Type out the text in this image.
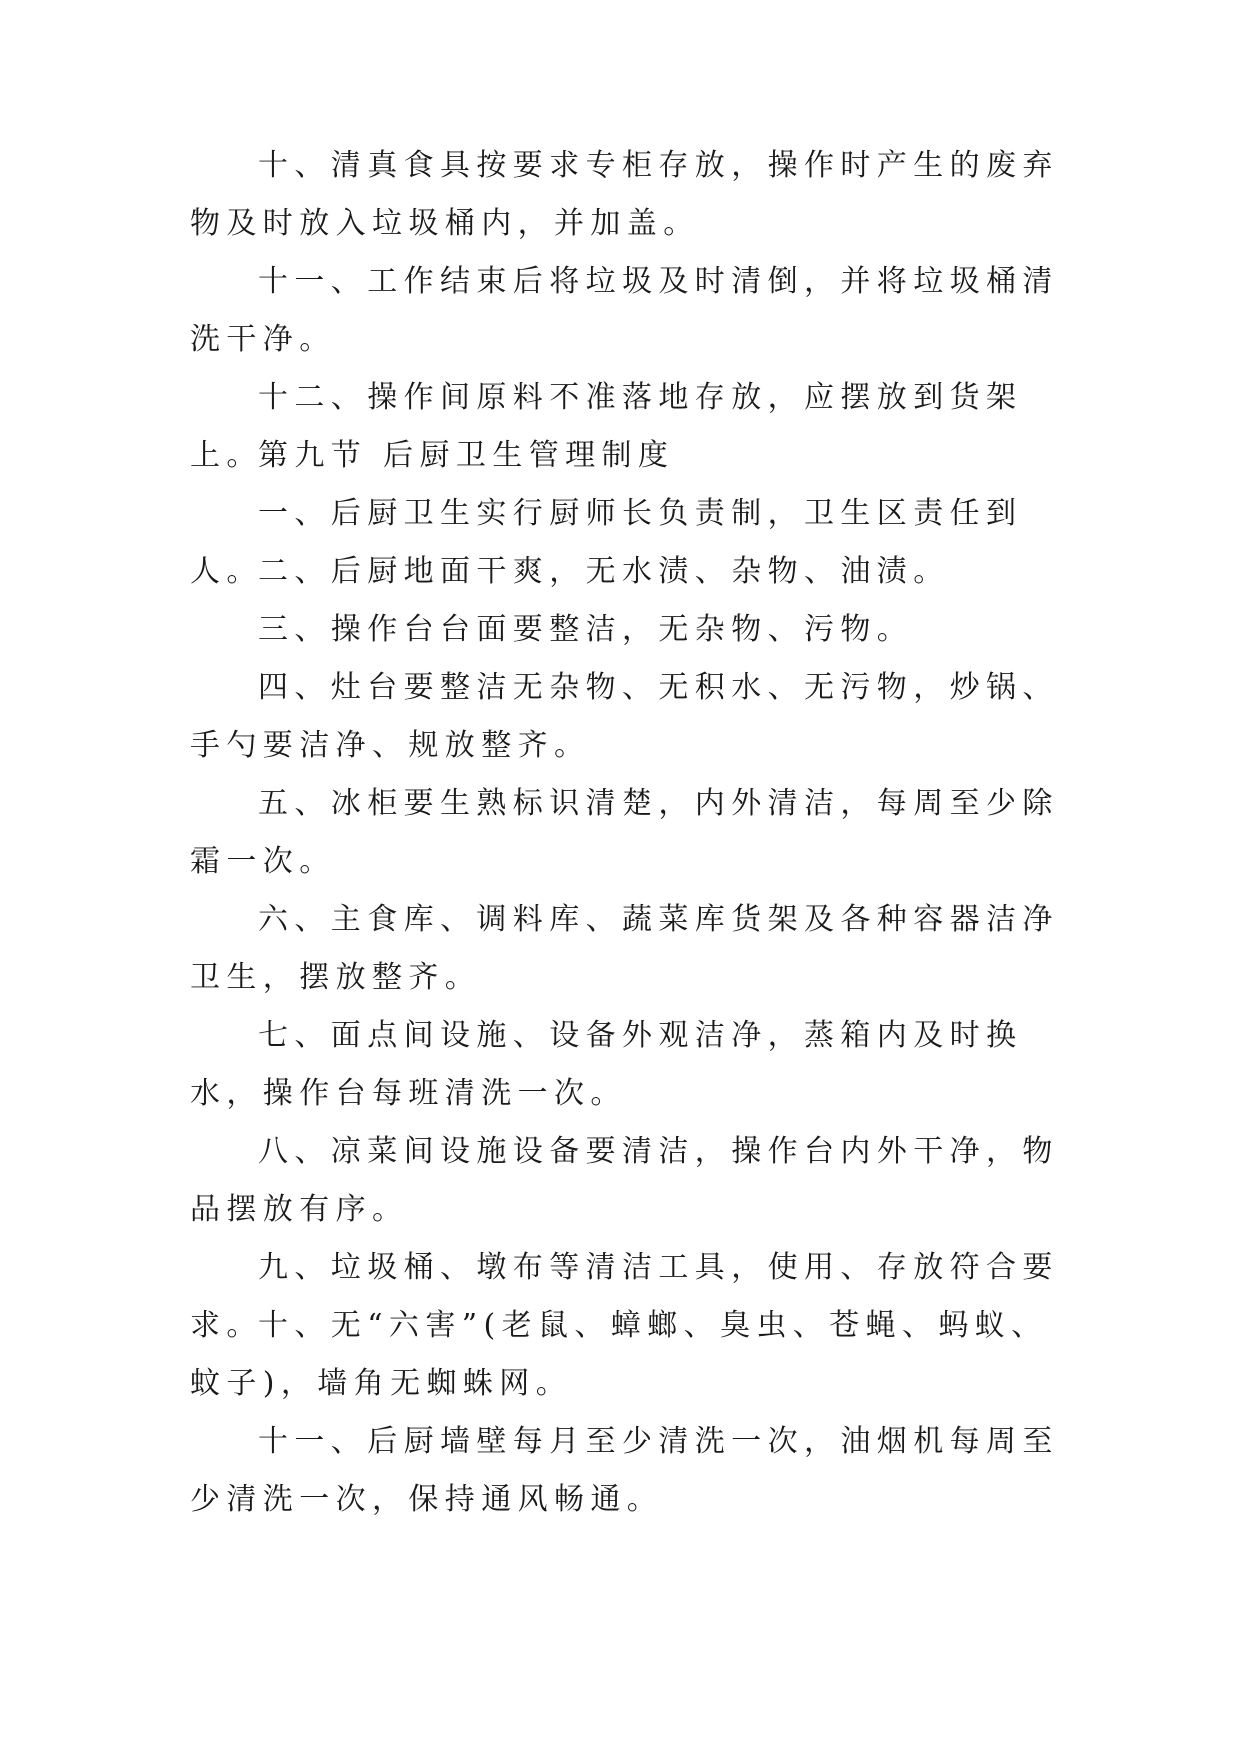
十、清真食具按要求专柜存放，操作时产生的废弃物及时放入垃圾桶内，并加盖。

十一、工作结束后将垃圾及时清倒，并将垃圾桶清洗干净。

十二、操作间原料不准落地存放，应摆放到货架上。

第九节 后厨卫生管理制度

一、后厨卫生实行厨师长负责制，卫生区责任到人。

二、后厨地面干爽，无水渍、杂物、油渍。

三、操作台台面要整洁，无杂物、污物。

四、灶台要整洁无杂物、无积水、无污物，炒锅、手勺要洁净、规放整齐。

五、冰柜要生熟标识清楚，内外清洁，每周至少除霜一次。

六、主食库、调料库、蔬菜库货架及各种容器洁净卫生，摆放整齐。

七、面点间设施、设备外观洁净，蒸箱内及时换水，操作台每班清洗一次。

八、凉菜间设施设备要清洁，操作台内外干净，物品摆放有序。

九、垃圾桶、墩布等清洁工具，使用、存放符合要求。

十、无“六害”(老鼠、蟑螂、臭虫、苍蝇、蚂蚁、蚊子)，墙角无蜘蛛网。

十一、后厨墙壁每月至少清洗一次，油烟机每周至少清洗一次，保持通风畅通。
